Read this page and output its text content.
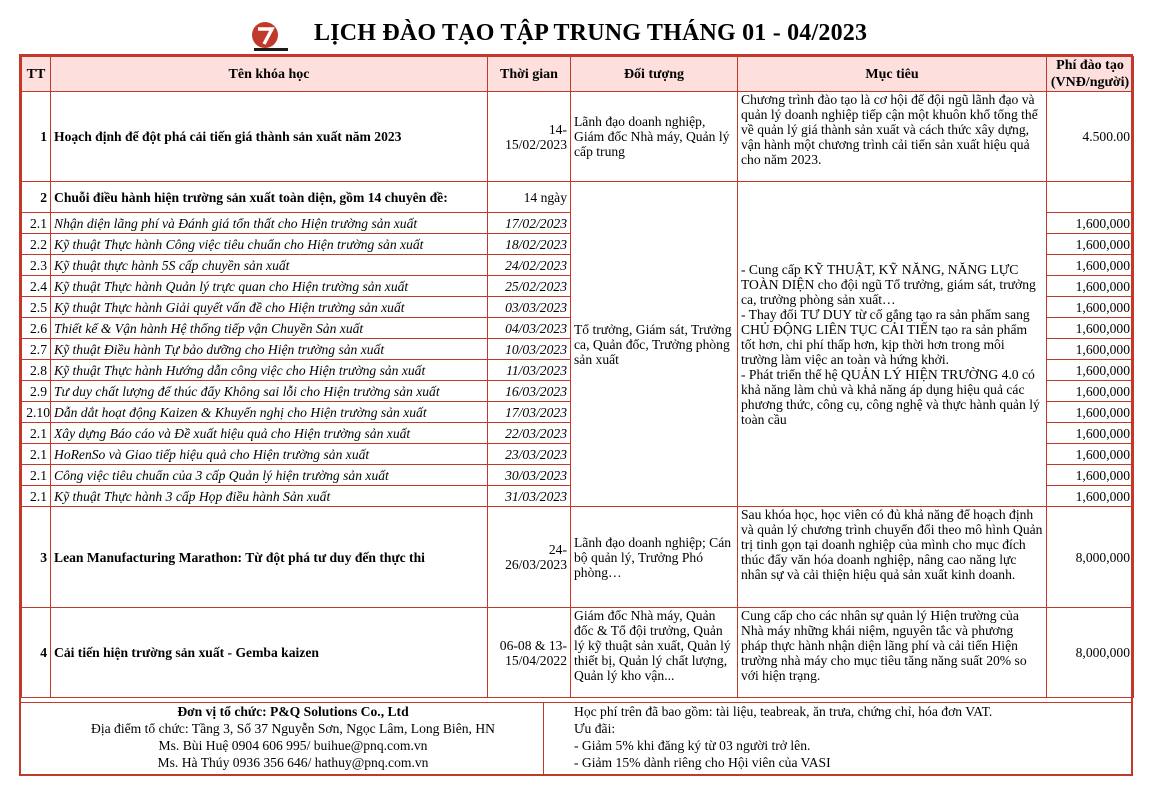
LỊCH ĐÀO TẠO TẬP TRUNG THÁNG 01 - 04/2023
TT	Tên khóa học	Thời gian	Đối tượng	Mục tiêu	Phí đào tạo (VNĐ/người)
1	Hoạch định để đột phá cải tiến giá thành sản xuất năm 2023	14-15/02/2023	Lãnh đạo doanh nghiệp, Giám đốc Nhà máy, Quản lý cấp trung	Chương trình đào tạo là cơ hội để đội ngũ lãnh đạo và quản lý doanh nghiệp tiếp cận một khuôn khổ tổng thể về quản lý giá thành sản xuất và cách thức xây dựng, vận hành một chương trình cải tiến sản xuất hiệu quả cho năm 2023.	4.500.00
2	Chuỗi điều hành hiện trường sản xuất toàn diện, gồm 14 chuyên đề:	14 ngày	Tổ trưởng, Giám sát, Trưởng ca, Quản đốc, Trưởng phòng sản xuất	- Cung cấp KỸ THUẬT, KỸ NĂNG, NĂNG LỰC TOÀN DIỆN cho đội ngũ Tổ trưởng, giám sát, trưởng ca, trưởng phòng sản xuất…
- Thay đổi TƯ DUY từ cố gắng tạo ra sản phẩm sang CHỦ ĐỘNG LIÊN TỤC CẢI TIẾN tạo ra sản phẩm tốt hơn, chi phí thấp hơn, kịp thời hơn trong môi trường làm việc an toàn và hứng khởi.
- Phát triển thế hệ QUẢN LÝ HIỆN TRƯỜNG 4.0 có khả năng làm chủ và khả năng áp dụng hiệu quả các phương thức, công cụ, công nghệ và thực hành quản lý toàn cầu	

2.1	Nhận diện lãng phí và Đánh giá tổn thất cho Hiện trường sản xuất	17/02/2023			1,600,000
2.2	Kỹ thuật Thực hành Công việc tiêu chuẩn cho Hiện trường sản xuất	18/02/2023			1,600,000
2.3	Kỹ thuật thực hành 5S cấp chuyền sản xuất	24/02/2023			1,600,000
2.4	Kỹ thuật Thực hành Quản lý trực quan cho Hiện trường sản xuất	25/02/2023			1,600,000
2.5	Kỹ thuật Thực hành Giải quyết vấn đề cho Hiện trường sản xuất	03/03/2023			1,600,000
2.6	Thiết kế & Vận hành Hệ thống tiếp vận Chuyền Sản xuất	04/03/2023			1,600,000
2.7	Kỹ thuật Điều hành Tự bảo dưỡng cho Hiện trường sản xuất	10/03/2023			1,600,000
2.8	Kỹ thuật Thực hành Hướng dẫn công việc cho Hiện trường sản xuất	11/03/2023			1,600,000
2.9	Tư duy chất lượng để thúc đẩy Không sai lỗi cho Hiện trường sản xuất	16/03/2023			1,600,000
2.10	Dẫn dắt hoạt động Kaizen & Khuyến nghị cho Hiện trường sản xuất	17/03/2023			1,600,000
2.1	Xây dựng Báo cáo và Đề xuất hiệu quả cho Hiện trường sản xuất	22/03/2023			1,600,000
2.1	HoRenSo và Giao tiếp hiệu quả cho Hiện trường sản xuất	23/03/2023			1,600,000
2.1	Công việc tiêu chuẩn của 3 cấp Quản lý hiện trường sản xuất	30/03/2023			1,600,000
2.1	Kỹ thuật Thực hành 3 cấp Họp điều hành Sản xuất	31/03/2023			1,600,000
3	Lean Manufacturing Marathon: Từ đột phá tư duy đến thực thi	24-26/03/2023	Lãnh đạo doanh nghiệp; Cán bộ quản lý, Trưởng Phó phòng…	Sau khóa học, học viên có đủ khả năng để hoạch định và quản lý chương trình chuyển đổi theo mô hình Quản trị tinh gọn tại doanh nghiệp của mình cho mục đích thúc đẩy văn hóa doanh nghiệp, nâng cao năng lực nhân sự và cải thiện hiệu quả sản xuất kinh doanh.	8,000,000
4	Cải tiến hiện trường sản xuất - Gemba kaizen	06-08 & 13-15/04/2022	Giám đốc Nhà máy, Quản đốc & Tổ đội trưởng, Quản lý kỹ thuật sản xuất, Quản lý thiết bị, Quản lý chất lượng, Quản lý kho vận...	Cung cấp cho các nhân sự quản lý Hiện trường của Nhà máy những khái niệm, nguyên tắc và phương pháp thực hành nhận diện lãng phí và cải tiến Hiện trường nhà máy cho mục tiêu tăng năng suất 20% so với hiện trạng.	8,000,000
Đơn vị tổ chức: P&Q Solutions Co., Ltd
Địa điểm tổ chức: Tầng 3, Số 37 Nguyễn Sơn, Ngọc Lâm, Long Biên, HN
Ms. Bùi Huệ 0904 606 995/ buihue@pnq.com.vn
Ms. Hà Thúy 0936 356 646/ hathuy@pnq.com.vn
Học phí trên đã bao gồm: tài liệu, teabreak, ăn trưa, chứng chỉ, hóa đơn VAT.
Ưu đãi:
- Giảm 5% khi đăng ký từ 03 người trở lên.
- Giảm 15% dành riêng cho Hội viên của VASI
